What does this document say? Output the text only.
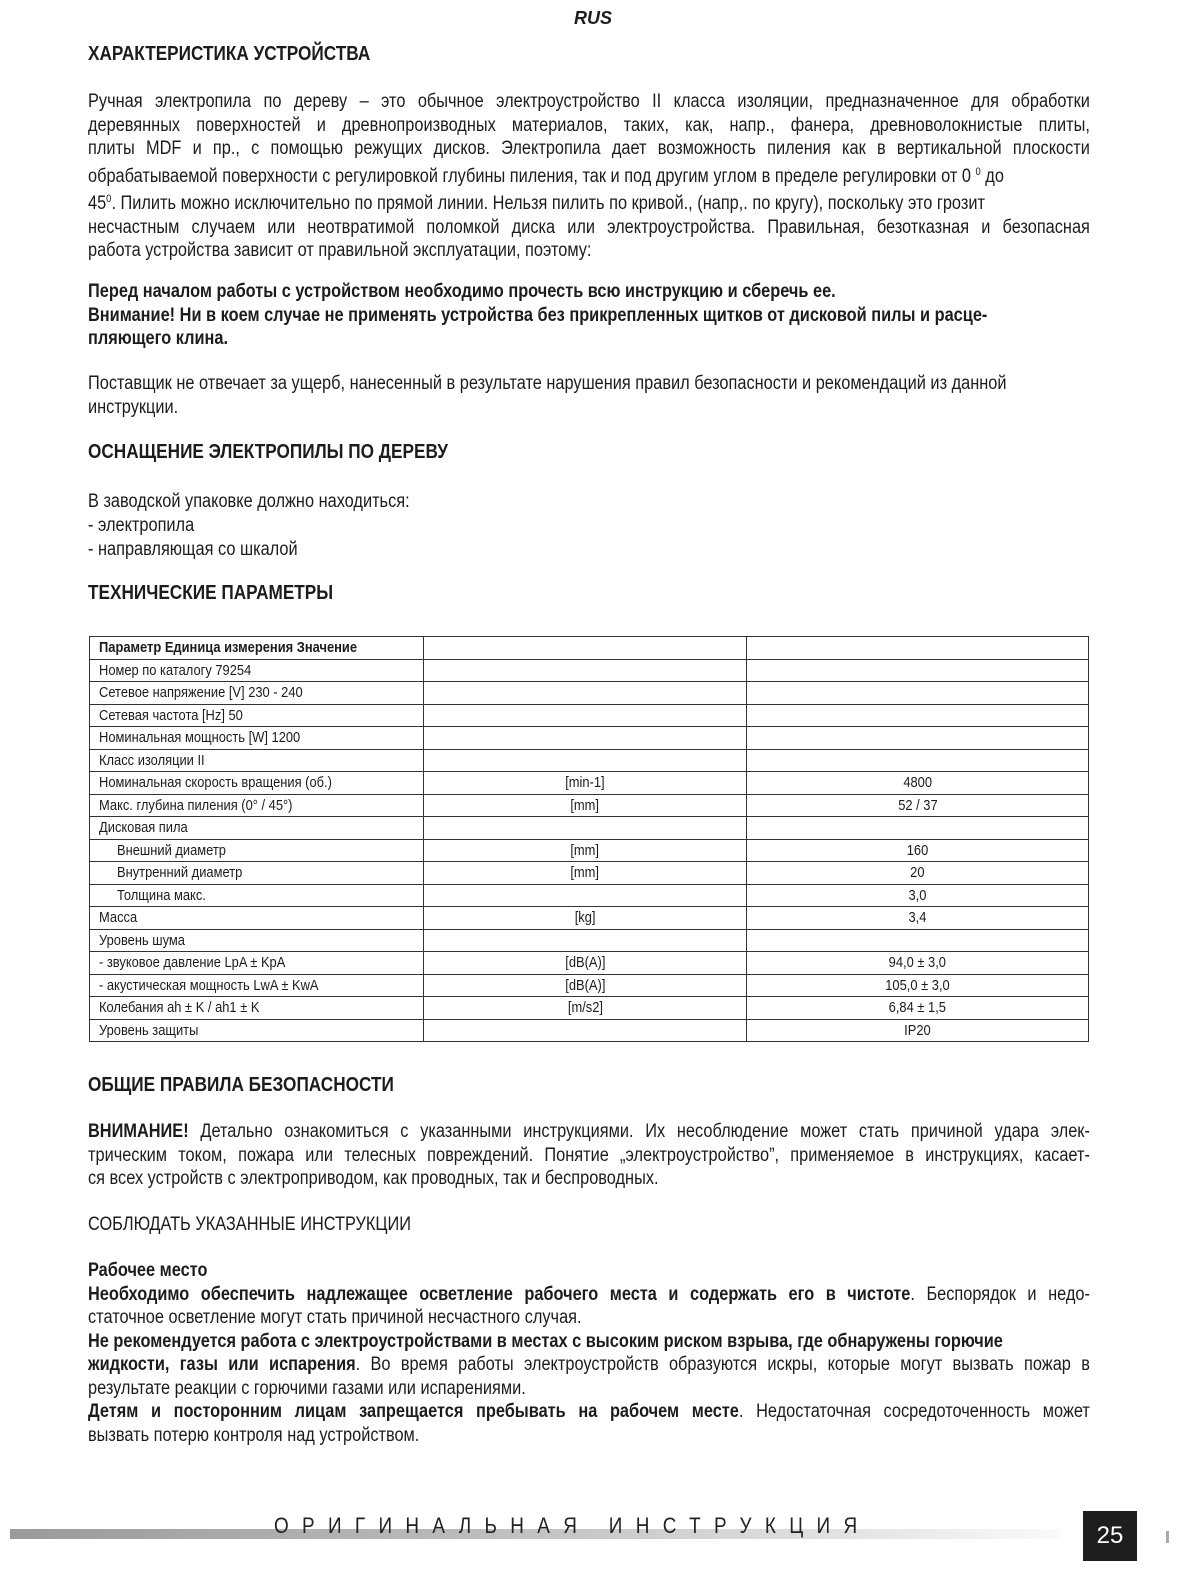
RUS
ХАРАКТЕРИСТИКА УСТРОЙСТВА
Ручная электропила по дереву – это обычное электроустройство II класса изоляции, предназначенное для обработки
деревянных поверхностей и древнопроизводных материалов, таких, как, напр., фанера, древноволокнистые плиты,
плиты MDF и пр., с помощью режущих дисков. Электропила дает возможность пиления как в вертикальной плоскости
обрабатываемой поверхности с регулировкой глубины пиления, так и под другим углом в пределе регулировки от 0 $^0$ до
$45^0$. Пилить можно исключительно по прямой линии. Нельзя пилить по кривой., (напр,. по кругу), поскольку это грозит
несчастным случаем или неотвратимой поломкой диска или электроустройства. Правильная, безотказная и безопасная
работа устройства зависит от правильной эксплуатации, поэтому:
Перед началом работы с устройством необходимо прочесть всю инструкцию и сберечь ее.
Внимание! Ни в коем случае не применять устройства без прикрепленных щитков от дисковой пилы и расце-
пляющего клина.
Поставщик не отвечает за ущерб, нанесенный в результате нарушения правил безопасности и рекомендаций из данной
инструкции.
ОСНАЩЕНИЕ ЭЛЕКТРОПИЛЫ ПО ДЕРЕВУ
В заводской упаковке должно находиться:
- электропила
- направляющая со шкалой
ТЕХНИЧЕСКИЕ ПАРАМЕТРЫ
Параметр Единица измерения Значение		
Номер по каталогу 79254		
Сетевое напряжение [V] 230 - 240		
Сетевая частота [Hz] 50		
Номинальная мощность [W] 1200		
Класс изоляции II		
Номинальная скорость вращения (об.)	[min-1]	4800
Макс. глубина пиления (0° / 45°)	[mm]	52 / 37
Дисковая пила		
Внешний диаметр	[mm]	160
Внутренний диаметр	[mm]	20
Толщина макс.		3,0
Масса	[kg]	3,4
Уровень шума		
- звуковое давление LpA ± KpA	[dB(A)]	94,0 ± 3,0
- акустическая мощность LwA ± KwA	[dB(A)]	105,0 ± 3,0
Колебания ah ± K / ah1 ± K	[m/s2]	6,84 ± 1,5
Уровень защиты		IP20
ОБЩИЕ ПРАВИЛА БЕЗОПАСНОСТИ
ВНИМАНИЕ! Детально ознакомиться с указанными инструкциями. Их несоблюдение может стать причиной удара элек-
трическим током, пожара или телесных повреждений. Понятие „электроустройство”, применяемое в инструкциях, касает-
ся всех устройств с электроприводом, как проводных, так и беспроводных.
СОБЛЮДАТЬ УКАЗАННЫЕ ИНСТРУКЦИИ
Рабочее место
Необходимо обеспечить надлежащее осветление рабочего места и содержать его в чистоте. Беспорядок и недо-
статочное осветление могут стать причиной несчастного случая.
Не рекомендуется работа с электроустройствами в местах с высоким риском взрыва, где обнаружены горючие
жидкости, газы или испарения. Во время работы электроустройств образуются искры, которые могут вызвать пожар в
результате реакции с горючими газами или испарениями.
Детям и посторонним лицам запрещается пребывать на рабочем месте. Недостаточная сосредоточенность может
вызвать потерю контроля над устройством.
ОРИГИНАЛЬНАЯ ИНСТРУКЦИЯ	25
